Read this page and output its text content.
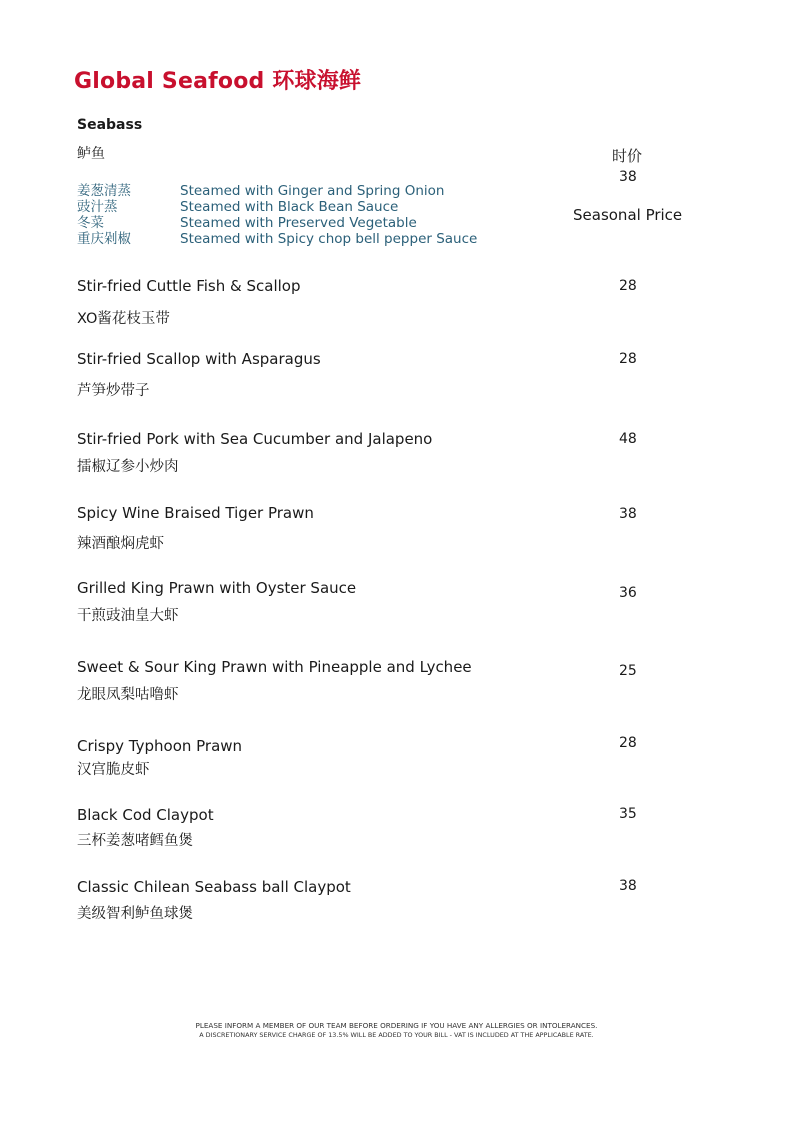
Global Seafood 环球海鲜
Seabass
鲈鱼	时价
38
Seasonal Price
姜葱清蒸	Steamed with Ginger and Spring Onion
豉汁蒸	Steamed with Black Bean Sauce
冬菜	Steamed with Preserved Vegetable
重庆剁椒	Steamed with Spicy chop bell pepper Sauce
Stir-fried Cuttle Fish & Scallop
XO酱花枝玉带
28
Stir-fried Scallop with Asparagus
芦笋炒带子
28
Stir-fried Pork with Sea Cucumber and Jalapeno
擂椒辽参小炒肉
48
Spicy Wine Braised Tiger Prawn
辣酒酿焖虎虾
38
Grilled King Prawn with Oyster Sauce
干煎豉油皇大虾
36
Sweet & Sour King Prawn with Pineapple and Lychee
龙眼凤梨咕噜虾
25
Crispy Typhoon Prawn
汉宫脆皮虾
28
Black Cod Claypot
三杯姜葱啫鳕鱼煲
35
Classic Chilean Seabass ball Claypot
美级智利鲈鱼球煲
38
PLEASE INFORM A MEMBER OF OUR TEAM BEFORE ORDERING IF YOU HAVE ANY ALLERGIES OR INTOLERANCES.
A DISCRETIONARY SERVICE CHARGE OF 13.5% WILL BE ADDED TO YOUR BILL - VAT IS INCLUDED AT THE APPLICABLE RATE.
